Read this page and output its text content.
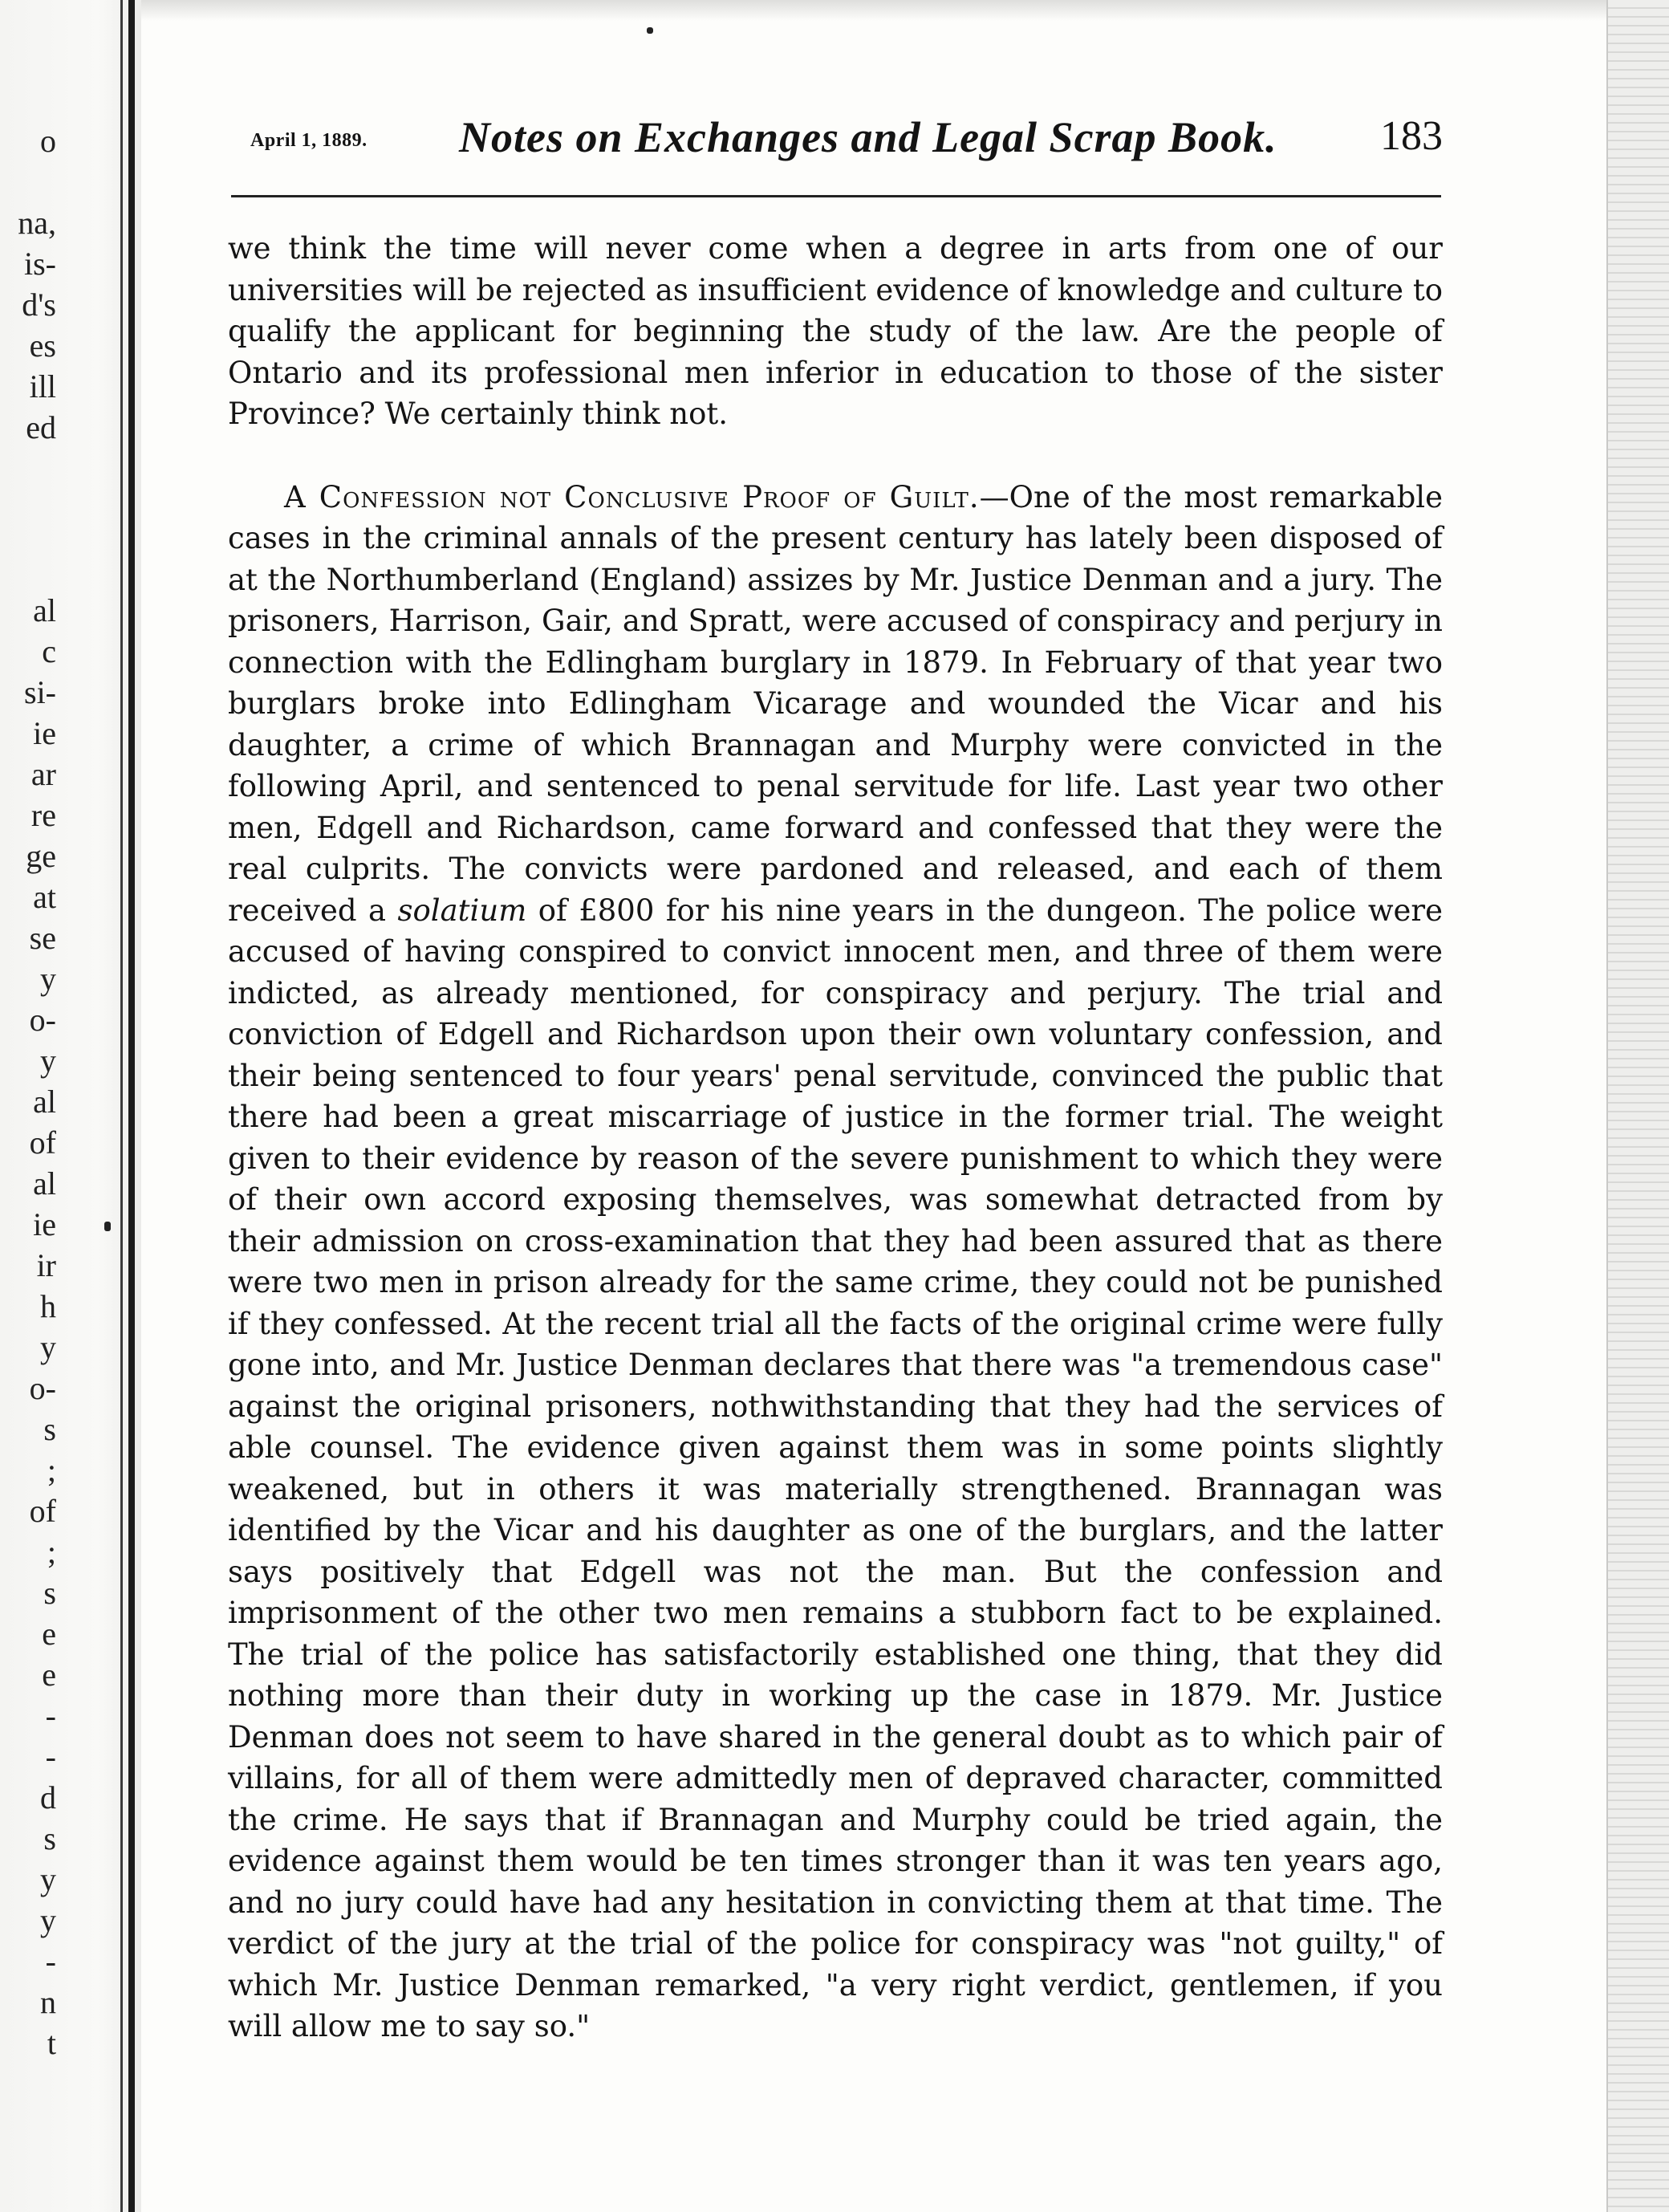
o

na,
is-
d's
es
ill
ed
al
c
si-
ie
ar
re
ge
at
se
y
o-
y
al
of
al
ie
ir
h
y
o-
s
;
of
;
s
e
e
-
-
d
s
y
y
-
n
t
April 1, 1889. Notes on Exchanges and Legal Scrap Book. 183

we think the time will never come when a degree in arts from one of our universities will be rejected as insufficient evidence of knowledge and culture to qualify the applicant for beginning the study of the law. Are the people of Ontario and its professional men inferior in education to those of the sister Province? We certainly think not.

A Confession not Conclusive Proof of Guilt.—One of the most remarkable cases in the criminal annals of the present century has lately been disposed of at the Northumberland (England) assizes by Mr. Justice Denman and a jury. The prisoners, Harrison, Gair, and Spratt, were accused of conspiracy and perjury in connection with the Edlingham burglary in 1879. In February of that year two burglars broke into Edlingham Vicarage and wounded the Vicar and his daughter, a crime of which Brannagan and Murphy were convicted in the following April, and sentenced to penal servitude for life. Last year two other men, Edgell and Richardson, came forward and confessed that they were the real culprits. The convicts were pardoned and released, and each of them received a solatium of £800 for his nine years in the dungeon. The police were accused of having conspired to convict innocent men, and three of them were indicted, as already mentioned, for conspiracy and perjury. The trial and conviction of Edgell and Richardson upon their own voluntary confession, and their being sentenced to four years' penal servitude, convinced the public that there had been a great miscarriage of justice in the former trial. The weight given to their evidence by reason of the severe punishment to which they were of their own accord exposing themselves, was somewhat detracted from by their admission on cross-examination that they had been assured that as there were two men in prison already for the same crime, they could not be punished if they confessed. At the recent trial all the facts of the original crime were fully gone into, and Mr. Justice Denman declares that there was "a tremendous case" against the original prisoners, nothwithstanding that they had the services of able counsel. The evidence given against them was in some points slightly weakened, but in others it was materially strengthened. Brannagan was identified by the Vicar and his daughter as one of the burglars, and the latter says positively that Edgell was not the man. But the confession and imprisonment of the other two men remains a stubborn fact to be explained. The trial of the police has satisfactorily established one thing, that they did nothing more than their duty in working up the case in 1879. Mr. Justice Denman does not seem to have shared in the general doubt as to which pair of villains, for all of them were admittedly men of depraved character, committed the crime. He says that if Brannagan and Murphy could be tried again, the evidence against them would be ten times stronger than it was ten years ago, and no jury could have had any hesitation in convicting them at that time. The verdict of the jury at the trial of the police for conspiracy was "not guilty," of which Mr. Justice Denman remarked, "a very right verdict, gentlemen, if you will allow me to say so."
